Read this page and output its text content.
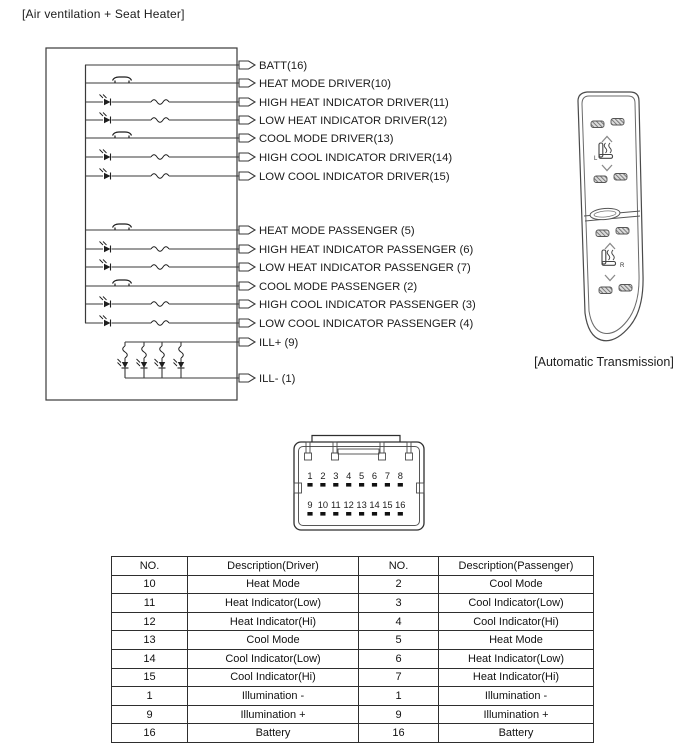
[Air ventilation + Seat Heater]
BATT(16)
HEAT MODE DRIVER(10)
HIGH HEAT INDICATOR DRIVER(11)
LOW HEAT INDICATOR DRIVER(12)
COOL MODE DRIVER(13)
HIGH COOL INDICATOR DRIVER(14)
LOW COOL INDICATOR DRIVER(15)
HEAT MODE PASSENGER (5)
HIGH HEAT INDICATOR PASSENGER (6)
LOW HEAT INDICATOR PASSENGER (7)
COOL MODE PASSENGER (2)
HIGH COOL INDICATOR PASSENGER (3)
LOW COOL INDICATOR PASSENGER (4)
ILL+ (9)
ILL- (1)
L
R
[Automatic Transmission]
1 2 3 4 5 6 7 8
9 10 11 12 13 14 15 16
NO.	Description(Driver)	NO.	Description(Passenger)
10	Heat Mode	2	Cool Mode
11	Heat Indicator(Low)	3	Cool Indicator(Low)
12	Heat Indicator(Hi)	4	Cool Indicator(Hi)
13	Cool Mode	5	Heat Mode
14	Cool Indicator(Low)	6	Heat Indicator(Low)
15	Cool Indicator(Hi)	7	Heat Indicator(Hi)
1	Illumination -	1	Illumination -
9	Illumination +	9	Illumination +
16	Battery	16	Battery
